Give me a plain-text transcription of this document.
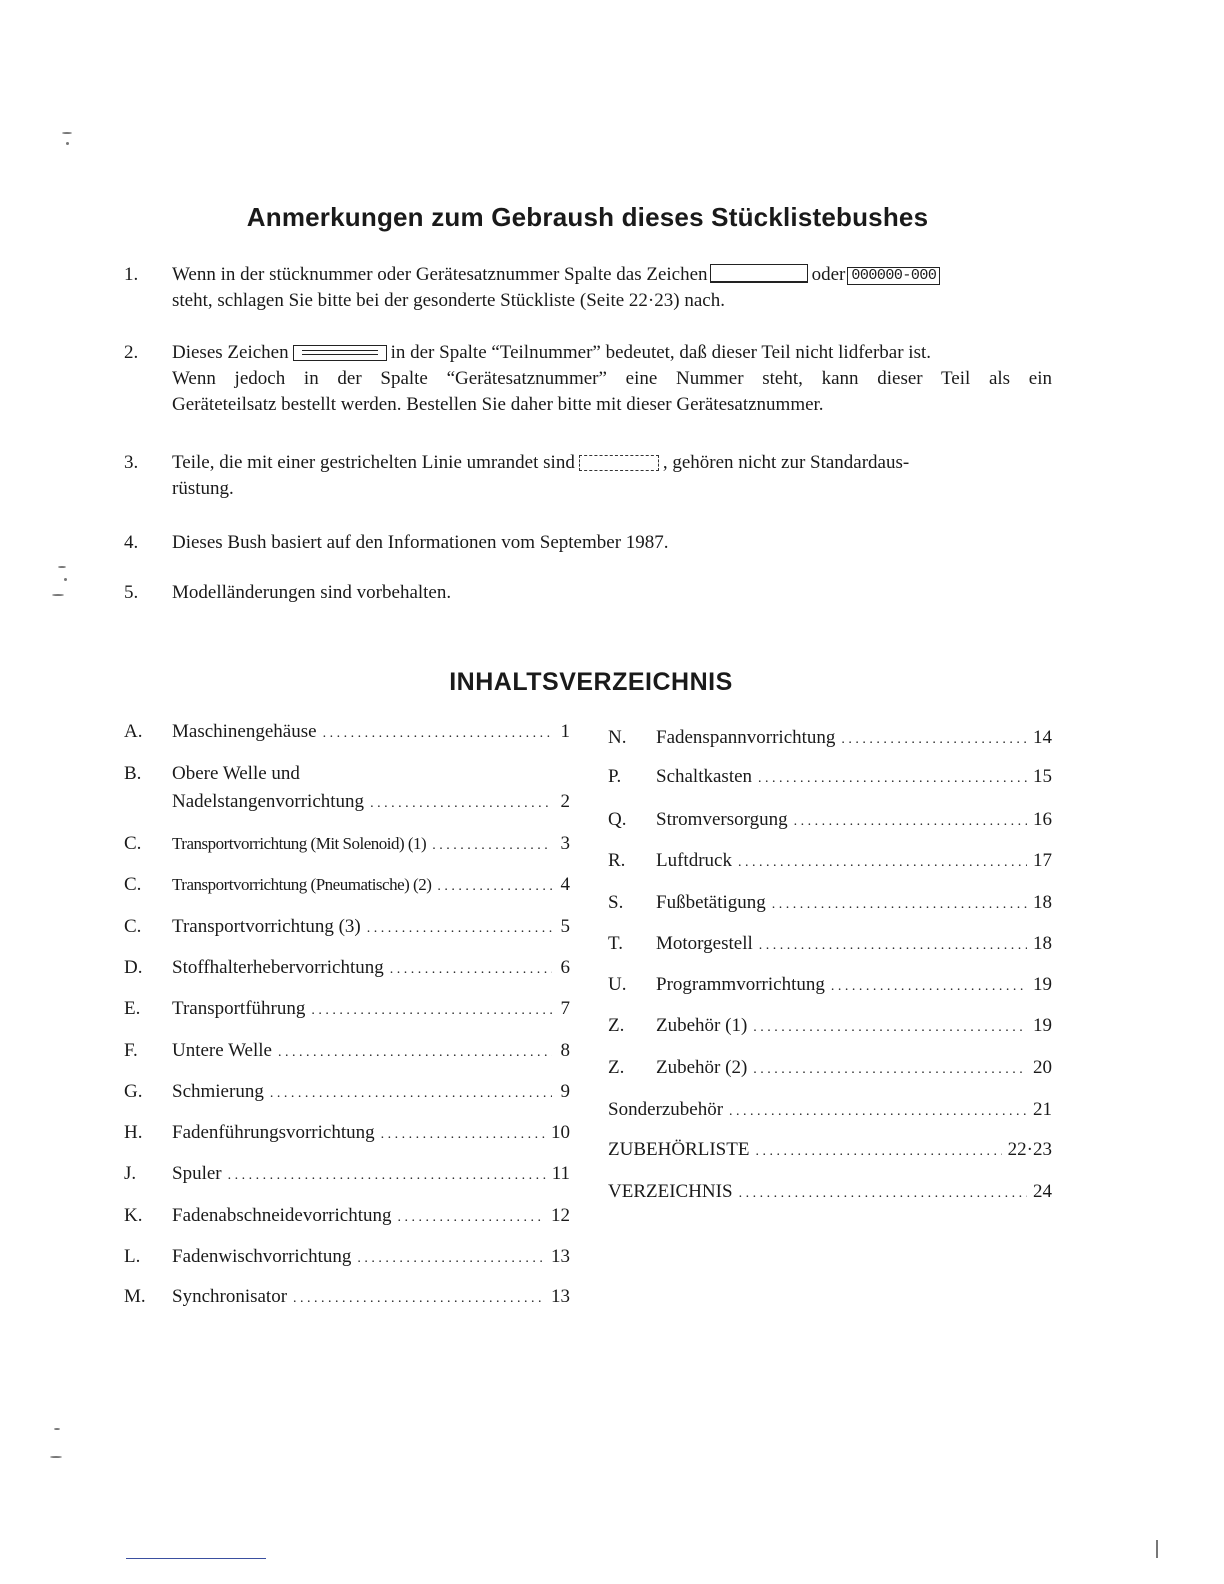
Anmerkungen zum Gebraush dieses Stücklistebushes
1. Wenn in der stücknummer oder Gerätesatznummer Spalte das Zeichen	oder 000000-000
steht, schlagen Sie bitte bei der gesonderte Stückliste (Seite 22·23) nach.
2. Dieses Zeichen	in der Spalte “Teilnummer” bedeutet, daß dieser Teil nicht lidferbar ist.
Wenn jedoch in der Spalte “Gerätesatznummer” eine Nummer steht, kann dieser Teil als ein
Geräteteilsatz bestellt werden. Bestellen Sie daher bitte mit dieser Gerätesatznummer.
3. Teile, die mit einer gestrichelten Linie umrandet sind	, gehören nicht zur Standardaus-
rüstung.
4. Dieses Bush basiert auf den Informationen vom September 1987.
5. Modelländerungen sind vorbehalten.
INHALTSVERZEICHNIS
A. Maschinengehäuse . . .	1
B. Obere Welle und
Nadelstangenvorrichtung . . .	2
C. Transportvorrichtung (Mit Solenoid) (1) . . .	3
C. Transportvorrichtung (Pneumatische) (2) . . .	4
C. Transportvorrichtung (3) . . .	5
D. Stoffhalterhebervorrichtung . . .	6
E. Transportführung . . .	7
F. Untere Welle . . .	8
G. Schmierung . . .	9
H. Fadenführungsvorrichtung . . .	10
J. Spuler . . .	11
K. Fadenabschneidevorrichtung . . .	12
L. Fadenwischvorrichtung . . .	13
M. Synchronisator . . .	13
N. Fadenspannvorrichtung . . .	14
P. Schaltkasten . . .	15
Q. Stromversorgung . . .	16
R. Luftdruck . . .	17
S. Fußbetätigung . . .	18
T. Motorgestell . . .	18
U. Programmvorrichtung . . .	19
Z. Zubehör (1) . . .	19
Z. Zubehör (2) . . .	20
Sonderzubehör . . .	21
ZUBEHÖRLISTE . . .	22·23
VERZEICHNIS . . .	24
